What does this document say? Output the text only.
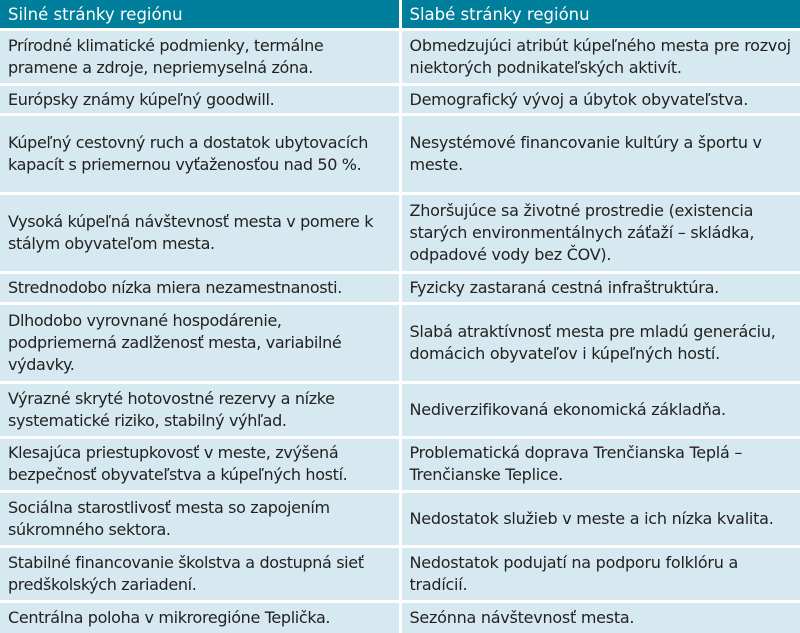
Silné stránky regiónu	Slabé stránky regiónu
Prírodné klimatické podmienky, termálne pramene a zdroje, nepriemyselná zóna.	Obmedzujúci atribút kúpeľného mesta pre rozvoj niektorých podnikateľských aktivít.
Európsky známy kúpeľný goodwill.	Demografický vývoj a úbytok obyvateľstva.
Kúpeľný cestovný ruch a dostatok ubytovacích kapacít s priemernou vyťaženosťou nad 50 %.	Nesystémové financovanie kultúry a športu v meste.
Vysoká kúpeľná návštevnosť mesta v pomere k stálym obyvateľom mesta.	Zhoršujúce sa životné prostredie (existencia starých environmentálnych záťaží – skládka, odpadové vody bez ČOV).
Strednodobo nízka miera nezamestnanosti.	Fyzicky zastaraná cestná infraštruktúra.
Dlhodobo vyrovnané hospodárenie, podpriemerná zadlženosť mesta, variabilné výdavky.	Slabá atraktívnosť mesta pre mladú generáciu, domácich obyvateľov i kúpeľných hostí.
Výrazné skryté hotovostné rezervy a nízke systematické riziko, stabilný výhľad.	Nediverzifikovaná ekonomická základňa.
Klesajúca priestupkovosť v meste, zvýšená bezpečnosť obyvateľstva a kúpeľných hostí.	Problematická doprava Trenčianska Teplá – Trenčianske Teplice.
Sociálna starostlivosť mesta so zapojením súkromného sektora.	Nedostatok služieb v meste a ich nízka kvalita.
Stabilné financovanie školstva a dostupná sieť predškolských zariadení.	Nedostatok podujatí na podporu folklóru a tradícií.
Centrálna poloha v mikroregióne Teplička.	Sezónna návštevnosť mesta.
